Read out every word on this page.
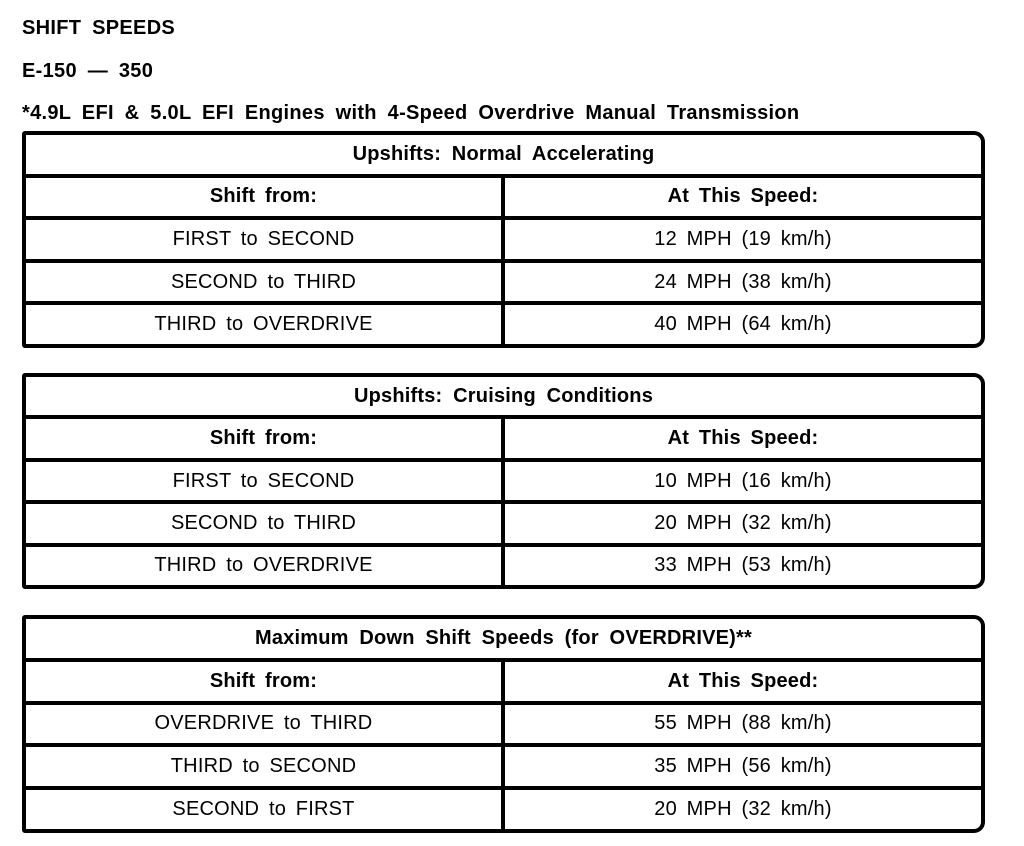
SHIFT SPEEDS
E-150 — 350
*4.9L EFI & 5.0L EFI Engines with 4-Speed Overdrive Manual Transmission
Upshifts: Normal Accelerating
Shift from:	At This Speed:
FIRST to SECOND	12 MPH (19 km/h)
SECOND to THIRD	24 MPH (38 km/h)
THIRD to OVERDRIVE	40 MPH (64 km/h)
Upshifts: Cruising Conditions
Shift from:	At This Speed:
FIRST to SECOND	10 MPH (16 km/h)
SECOND to THIRD	20 MPH (32 km/h)
THIRD to OVERDRIVE	33 MPH (53 km/h)
Maximum Down Shift Speeds (for OVERDRIVE)**
Shift from:	At This Speed:
OVERDRIVE to THIRD	55 MPH (88 km/h)
THIRD to SECOND	35 MPH (56 km/h)
SECOND to FIRST	20 MPH (32 km/h)
